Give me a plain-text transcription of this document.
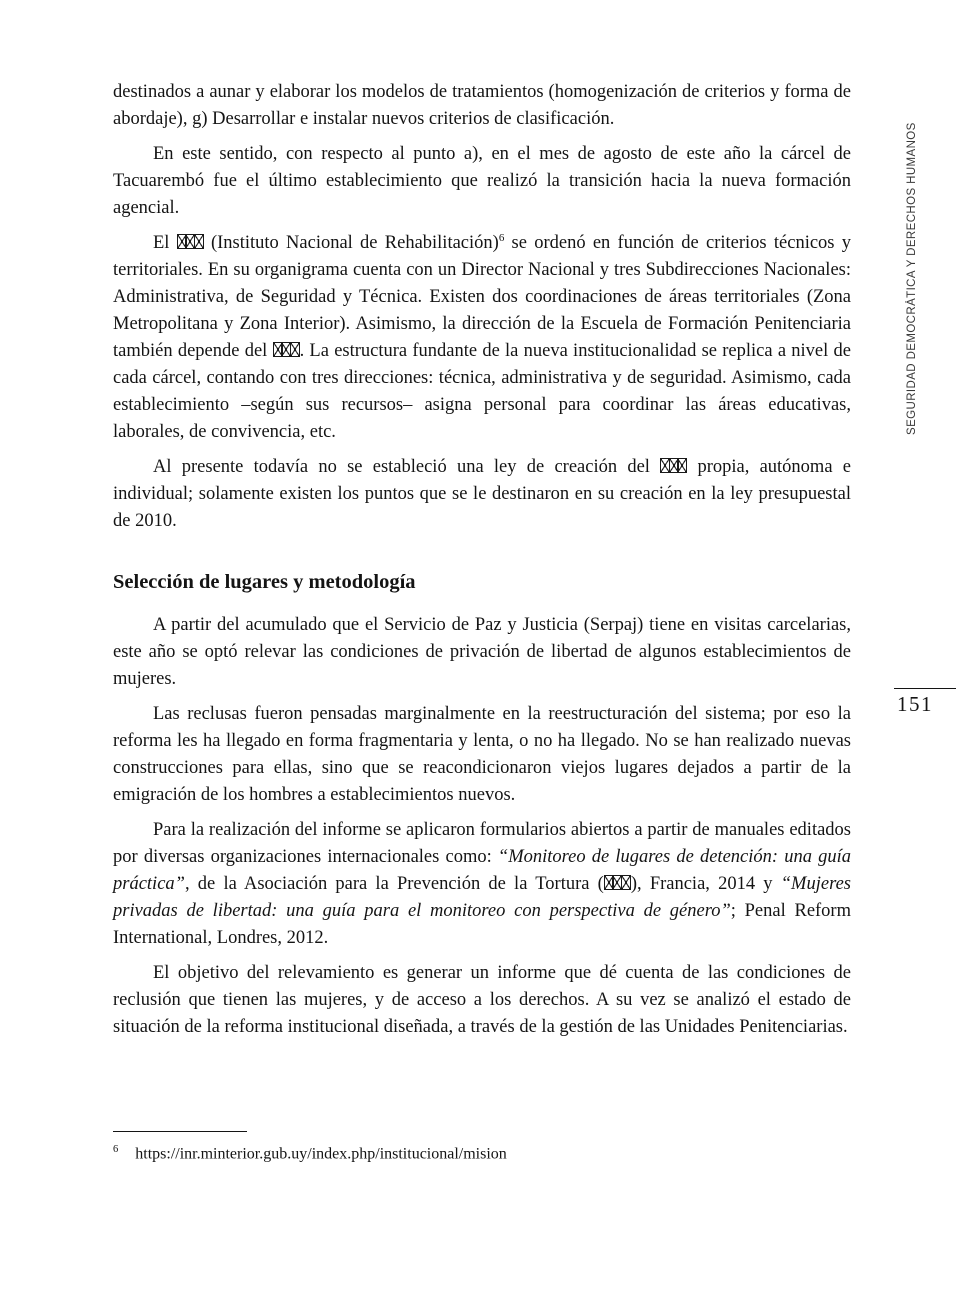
destinados a aunar y elaborar los modelos de tratamientos (homogenización de criterios y forma de abordaje), g) Desarrollar e instalar nuevos criterios de clasificación.

En este sentido, con respecto al punto a), en el mes de agosto de este año la cárcel de Tacuarembó fue el último establecimiento que realizó la transición hacia la nueva formación agencial.

El  (Instituto Nacional de Rehabilitación)$^6$ se ordenó en función de criterios técnicos y territoriales. En su organigrama cuenta con un Director Nacional y tres Subdirecciones Nacionales: Administrativa, de Seguridad y Técnica. Existen dos coordinaciones de áreas territoriales (Zona Metropolitana y Zona Interior). Asimismo, la dirección de la Escuela de Formación Penitenciaria también depende del . La estructura fundante de la nueva institucionalidad se replica a nivel de cada cárcel, contando con tres direcciones: técnica, administrativa y de seguridad. Asimismo, cada establecimiento –según sus recursos– asigna personal para coordinar las áreas educativas, laborales, de convivencia, etc.

Al presente todavía no se estableció una ley de creación del  propia, autónoma e individual; solamente existen los puntos que se le destinaron en su creación en la ley presupuestal de 2010.

Selección de lugares y metodología

A partir del acumulado que el Servicio de Paz y Justicia (Serpaj) tiene en visitas carcelarias, este año se optó relevar las condiciones de privación de libertad de algunos establecimientos de mujeres.

Las reclusas fueron pensadas marginalmente en la reestructuración del sistema; por eso la reforma les ha llegado en forma fragmentaria y lenta, o no ha llegado. No se han realizado nuevas construcciones para ellas, sino que se reacondicionaron viejos lugares dejados a partir de la emigración de los hombres a establecimientos nuevos.

Para la realización del informe se aplicaron formularios abiertos a partir de manuales editados por diversas organizaciones internacionales como: “Monitoreo de lugares de detención: una guía práctica”, de la Asociación para la Prevención de la Tortura ( ), Francia, 2014 y “Mujeres privadas de libertad: una guía para el monitoreo con perspectiva de género”; Penal Reform International, Londres, 2012.

El objetivo del relevamiento es generar un informe que dé cuenta de las condiciones de reclusión que tienen las mujeres, y de acceso a los derechos. A su vez se analizó el estado de situación de la reforma institucional diseñada, a través de la gestión de las Unidades Penitenciarias.

SEGURIDAD DEMOCRÁTICA Y DERECHOS HUMANOS
151
$^6$ https://inr.minterior.gub.uy/index.php/institucional/mision
